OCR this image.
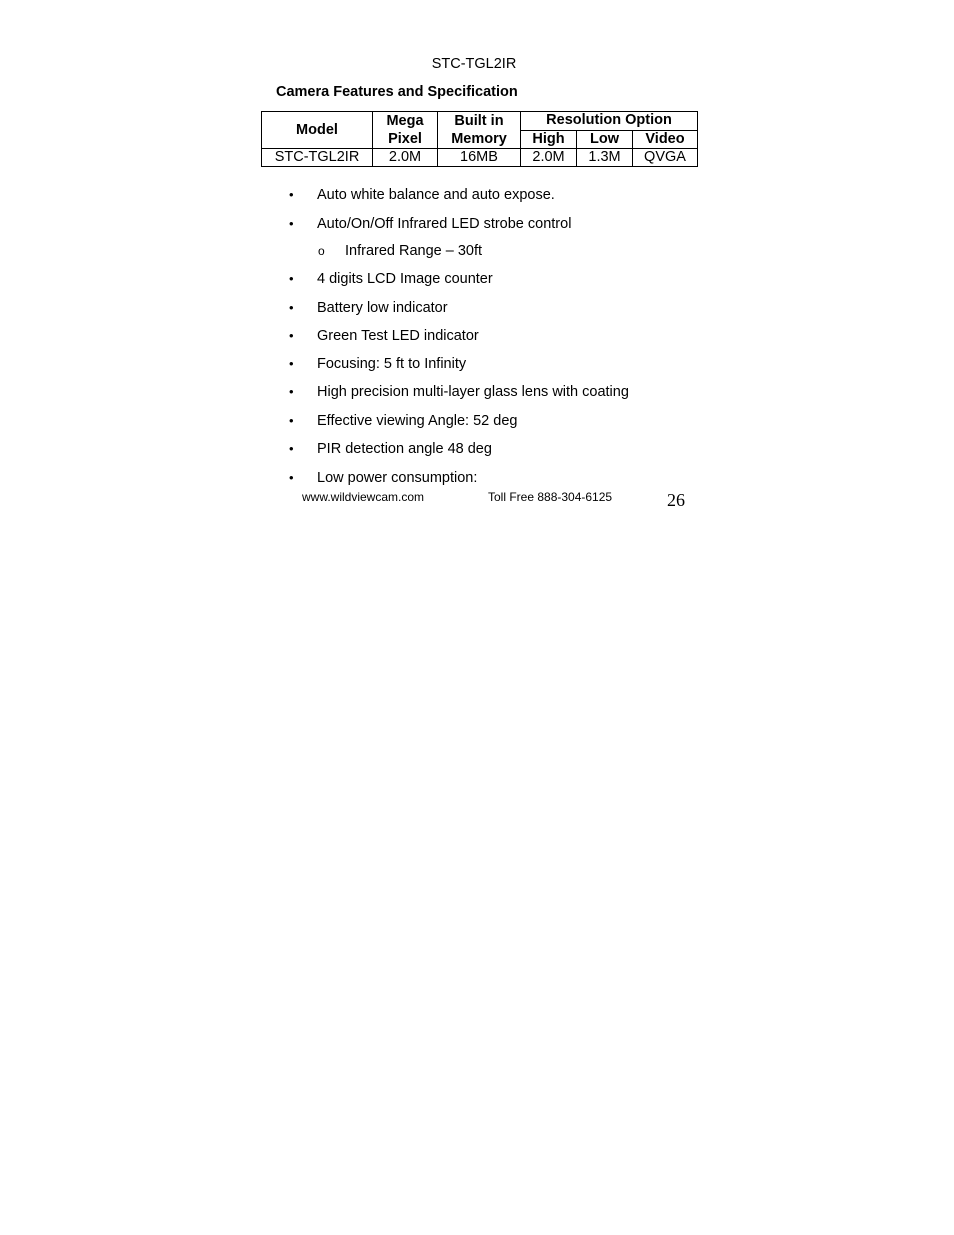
STC-TGL2IR
Camera Features and Specification
Model	Mega Pixel	Built in Memory	Resolution Option		
			High	Low	Video
STC-TGL2IR	2.0M	16MB	2.0M	1.3M	QVGA
• Auto white balance and auto expose.
• Auto/On/Off Infrared LED strobe control
o Infrared Range – 30ft
• 4 digits LCD Image counter
• Battery low indicator
• Green Test LED indicator
• Focusing: 5 ft to Infinity
• High precision multi-layer glass lens with coating
• Effective viewing Angle: 52 deg
• PIR detection angle 48 deg
• Low power consumption:
www.wildviewcam.com	Toll Free 888-304-6125	26
